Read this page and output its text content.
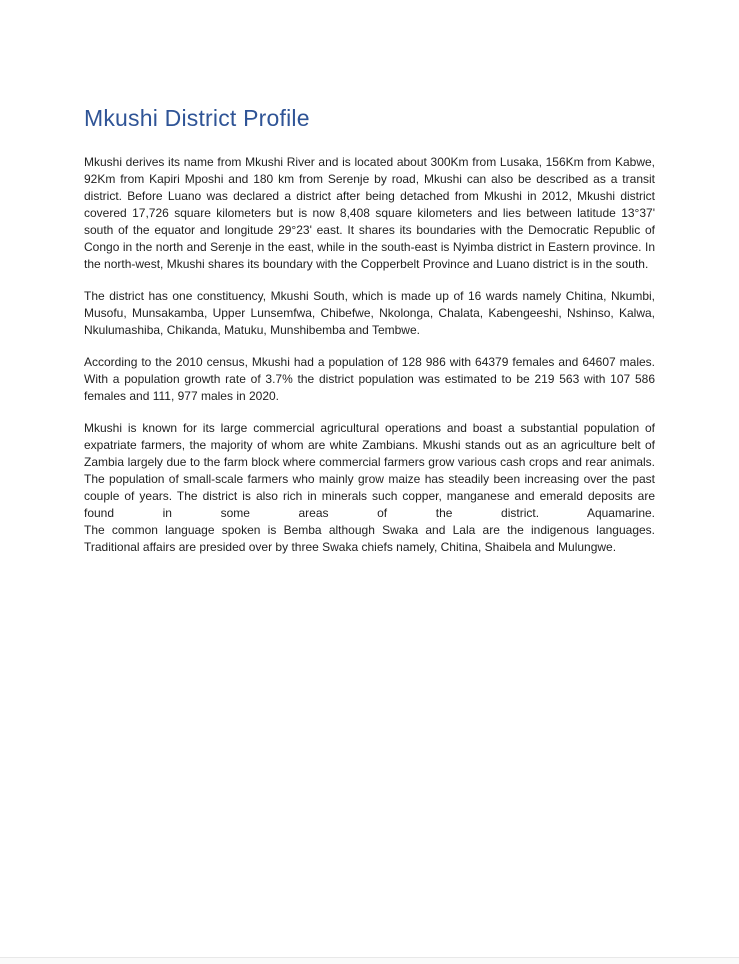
Mkushi District Profile

Mkushi derives its name from Mkushi River and is located about 300Km from Lusaka, 156Km from Kabwe, 92Km from Kapiri Mposhi and 180 km from Serenje by road, Mkushi can also be described as a transit district. Before Luano was declared a district after being detached from Mkushi in 2012, Mkushi district covered 17,726 square kilometers but is now 8,408 square kilometers and lies between latitude 13°37' south of the equator and longitude 29°23' east. It shares its boundaries with the Democratic Republic of Congo in the north and Serenje in the east, while in the south-east is Nyimba district in Eastern province. In the north-west, Mkushi shares its boundary with the Copperbelt Province and Luano district is in the south.

The district has one constituency, Mkushi South, which is made up of 16 wards namely Chitina, Nkumbi, Musofu, Munsakamba, Upper Lunsemfwa, Chibefwe, Nkolonga, Chalata, Kabengeeshi, Nshinso, Kalwa, Nkulumashiba, Chikanda, Matuku, Munshibemba and Tembwe.

According to the 2010 census, Mkushi had a population of 128 986 with 64379 females and 64607 males. With a population growth rate of 3.7% the district population was estimated to be 219 563 with 107 586 females and 111, 977 males in 2020.

Mkushi is known for its large commercial agricultural operations and boast a substantial population of expatriate farmers, the majority of whom are white Zambians. Mkushi stands out as an agriculture belt of Zambia largely due to the farm block where commercial farmers grow various cash crops and rear animals. The population of small-scale farmers who mainly grow maize has steadily been increasing over the past couple of years. The district is also rich in minerals such copper, manganese and emerald deposits are found in some areas of the district. Aquamarine.

The common language spoken is Bemba although Swaka and Lala are the indigenous languages. Traditional affairs are presided over by three Swaka chiefs namely, Chitina, Shaibela and Mulungwe.
